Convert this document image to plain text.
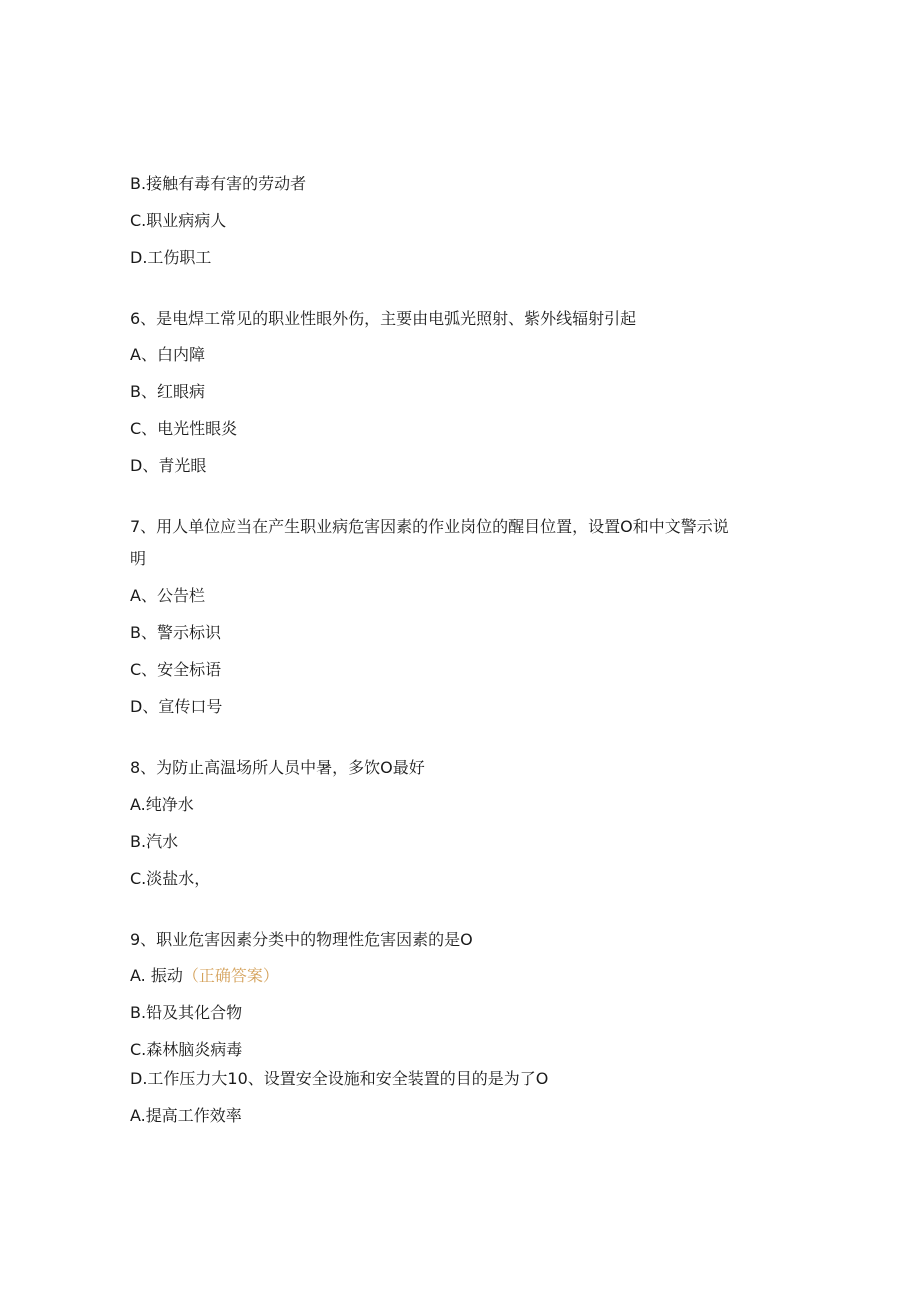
B.接触有毒有害的劳动者
C.职业病病人
D.工伤职工
6、是电焊工常见的职业性眼外伤，主要由电弧光照射、紫外线辐射引起
A、白内障
B、红眼病
C、电光性眼炎
D、青光眼
7、用人单位应当在产生职业病危害因素的作业岗位的醒目位置，设置O和中文警示说
明
A、公告栏
B、警示标识
C、安全标语
D、宣传口号
8、为防止高温场所人员中暑，多饮O最好
A.纯净水
B.汽水
C.淡盐水，
9、职业危害因素分类中的物理性危害因素的是O
A. 振动（正确答案）
B.铅及其化合物
C.森林脑炎病毒
D.工作压力大10、设置安全设施和安全装置的目的是为了O
A.提高工作效率
